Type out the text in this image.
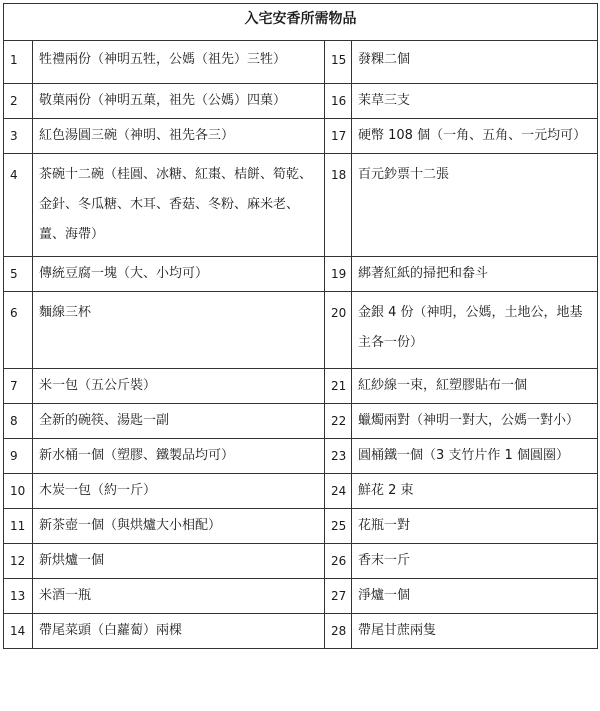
入宅安香所需物品			
1	牲禮兩份（神明五牲，公媽（祖先）三牲）	15	發粿二個
2	敬菓兩份（神明五菓，祖先（公媽）四菓）	16	茉草三支
3	紅色湯圓三碗（神明、祖先各三）	17	硬幣 108 個（一角、五角、一元均可）
4	茶碗十二碗（桂圓、冰糖、紅棗、桔餅、筍乾、金針、冬瓜糖、木耳、香菇、冬粉、麻米老、薑、海帶）	18	百元鈔票十二張
5	傳統豆腐一塊（大、小均可）	19	綁著紅紙的掃把和畚斗
6	麵線三杯	20	金銀 4 份（神明，公媽，土地公，地基主各一份）
7	米一包（五公斤裝）	21	紅紗線一束，紅塑膠貼布一個
8	全新的碗筷、湯匙一副	22	蠟燭兩對（神明一對大，公媽一對小）
9	新水桶一個（塑膠、鐵製品均可）	23	圓桶鐵一個（3 支竹片作 1 個圓圈）
10	木炭一包（約一斤）	24	鮮花 2 束
11	新茶壺一個（與烘爐大小相配）	25	花瓶一對
12	新烘爐一個	26	香末一斤
13	米酒一瓶	27	淨爐一個
14	帶尾菜頭（白蘿蔔）兩棵	28	帶尾甘蔗兩隻
